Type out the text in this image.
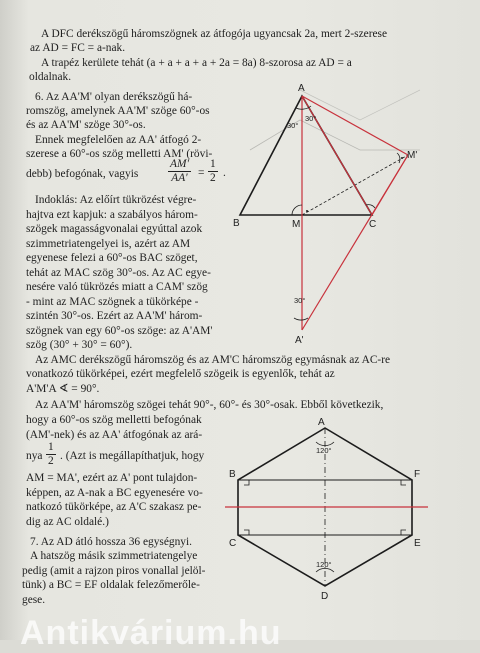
A DFC derékszögű háromszögnek az átfogója ugyancsak 2a, mert 2-szerese
az AD = FC = a-nak.
A trapéz kerülete tehát (a + a + a + a + 2a = 8a) 8-szorosa az AD = a
oldalnak.
6. Az AA'M' olyan derékszögű há-
romszög, amelynek AA'M' szöge 60°-os
és az AA'M' szöge 30°-os.
Ennek megfelelően az AA' átfogó 2-
szerese a 60°-os szög melletti AM' (rövi-
debb) befogónak, vagyis	$\frac{AM'}{AA'} = \frac{1}{2}$ .
Indoklás: Az előírt tükrözést végre-
hajtva ezt kapjuk: a szabályos három-
szögek magasságvonalai egyúttal azok
szimmetriatengelyei is, azért az AM
egyenese felezi a 60°-os BAC szöget,
tehát az MAC szög 30°-os. Az AC egye-
nesére való tükrözés miatt a CAM' szög
- mint az MAC szögnek a tükörképe -
szintén 30°-os. Ezért az AA'M' három-
szögnek van egy 60°-os szöge: az A'AM'
szög (30° + 30° = 60°).
Az AMC derékszögű háromszög és az AM'C háromszög egymásnak az AC-re
vonatkozó tükörképei, ezért megfelelő szögeik is egyenlők, tehát az
A'M'A ∢ = 90°.
Az AA'M' háromszög szögei tehát 90°-, 60°- és 30°-osak. Ebből következik,
hogy a 60°-os szög melletti befogónak
(AM'-nek) és az AA' átfogónak az ará-
nya $\frac{1}{2}$ . (Azt is megállapíthatjuk, hogy
AM = MA', ezért az A' pont tulajdon-
képpen, az A-nak a BC egyenesére vo-
natkozó tükörképe, az A'C szakasz pe-
dig az AC oldalé.)
7. Az AD átló hossza 36 egységnyi.
A hatszög másik szimmetriatengelye
pedig (amit a rajzon piros vonallal jelöl-
tünk) a BC = EF oldalak felezőmerőle-
gese.
A
B	M	C
M'
A'
30°
30°
30°
A
B	F
C	E
D
120°
120°
Antikvárium.hu
